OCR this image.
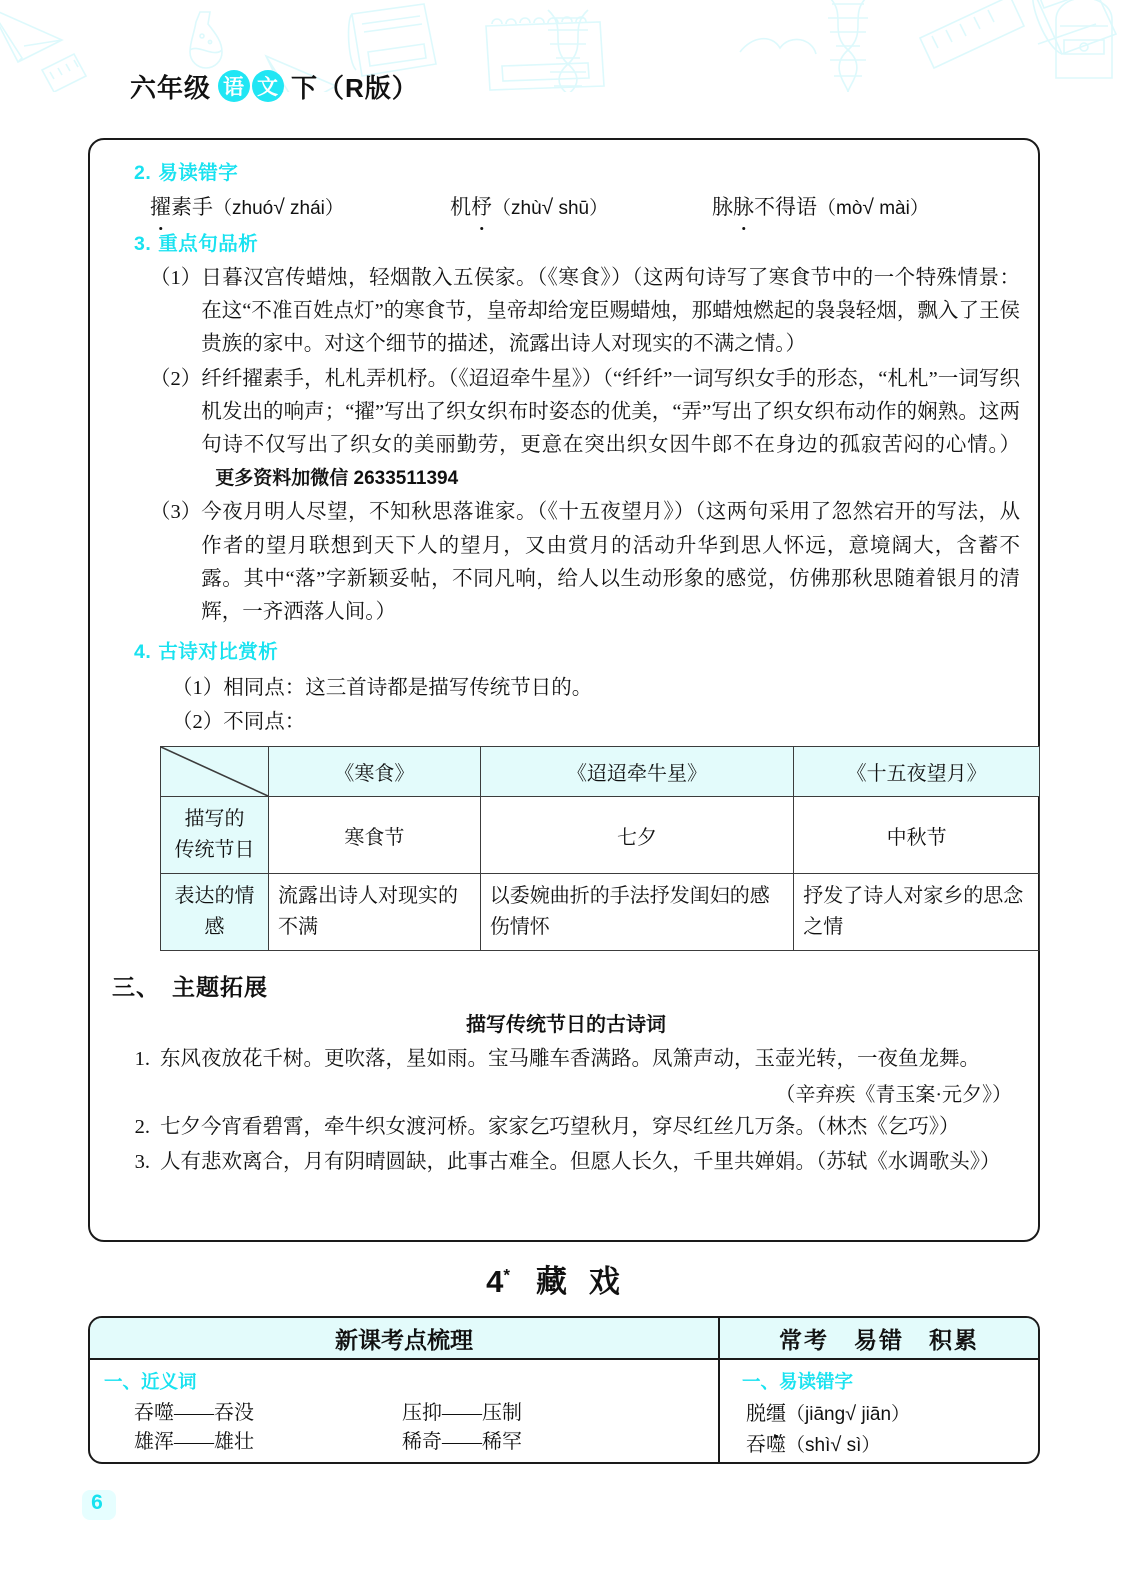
六年级 语 文 下（R版）
2. 易读错字
擢
素手（zhuó√ zhái）	机杼
（zhù√ shū）	脉脉
不得语（mò√ mài）
3. 重点句品析
（1） 日暮汉宫传蜡烛，轻烟散入五侯家。（《寒食》）（这两句诗写了寒食节中的一个特殊情景：在这“不准百姓点灯”的寒食节，皇帝却给宠臣赐蜡烛，那蜡烛燃起的袅袅轻烟，飘入了王侯贵族的家中。对这个细节的描述，流露出诗人对现实的不满之情。）
（2） 纤纤擢素手，札札弄机杼。（《迢迢牵牛星》）（“纤纤”一词写织女手的形态，“札札”一词写织机发出的响声；“擢”写出了织女织布时姿态的优美，“弄”写出了织女织布动作的娴熟。这两句诗不仅写出了织女的美丽勤劳，更意在突出织女因牛郎不在身边的孤寂苦闷的心情。）更多资料加微信 2633511394
（3） 今夜月明人尽望，不知秋思落谁家。（《十五夜望月》）（这两句采用了忽然宕开的写法，从作者的望月联想到天下人的望月，又由赏月的活动升华到思人怀远，意境阔大，含蓄不露。其中“落”字新颖妥帖，不同凡响，给人以生动形象的感觉，仿佛那秋思随着银月的清辉，一齐洒落人间。）
4. 古诗对比赏析
（1）相同点：这三首诗都是描写传统节日的。
（2）不同点：
	《寒食》	《迢迢牵牛星》	《十五夜望月》
描写的
传统节日	寒食节	七夕	中秋节
表达的情感	流露出诗人对现实的不满	以委婉曲折的手法抒发闺妇的感伤情怀	抒发了诗人对家乡的思念之情
三、 主题拓展
描写传统节日的古诗词
1. 东风夜放花千树。更吹落，星如雨。宝马雕车香满路。凤箫声动，玉壶光转，一夜鱼龙舞。
（辛弃疾《青玉案·元夕》）
2. 七夕今宵看碧霄，牵牛织女渡河桥。家家乞巧望秋月，穿尽红丝几万条。（林杰《乞巧》）
3. 人有悲欢离合，月有阴晴圆缺，此事古难全。但愿人长久，千里共婵娟。（苏轼《水调歌头》）
4* 藏戏
新课考点梳理	常考　易错　积累
一、近义词
吞噬——吞没	压抑——压制
雄浑——雄壮	稀奇——稀罕
一、易读错字
脱缰
（jiāng√ jiān）
吞噬
（shì√ sì）
6
